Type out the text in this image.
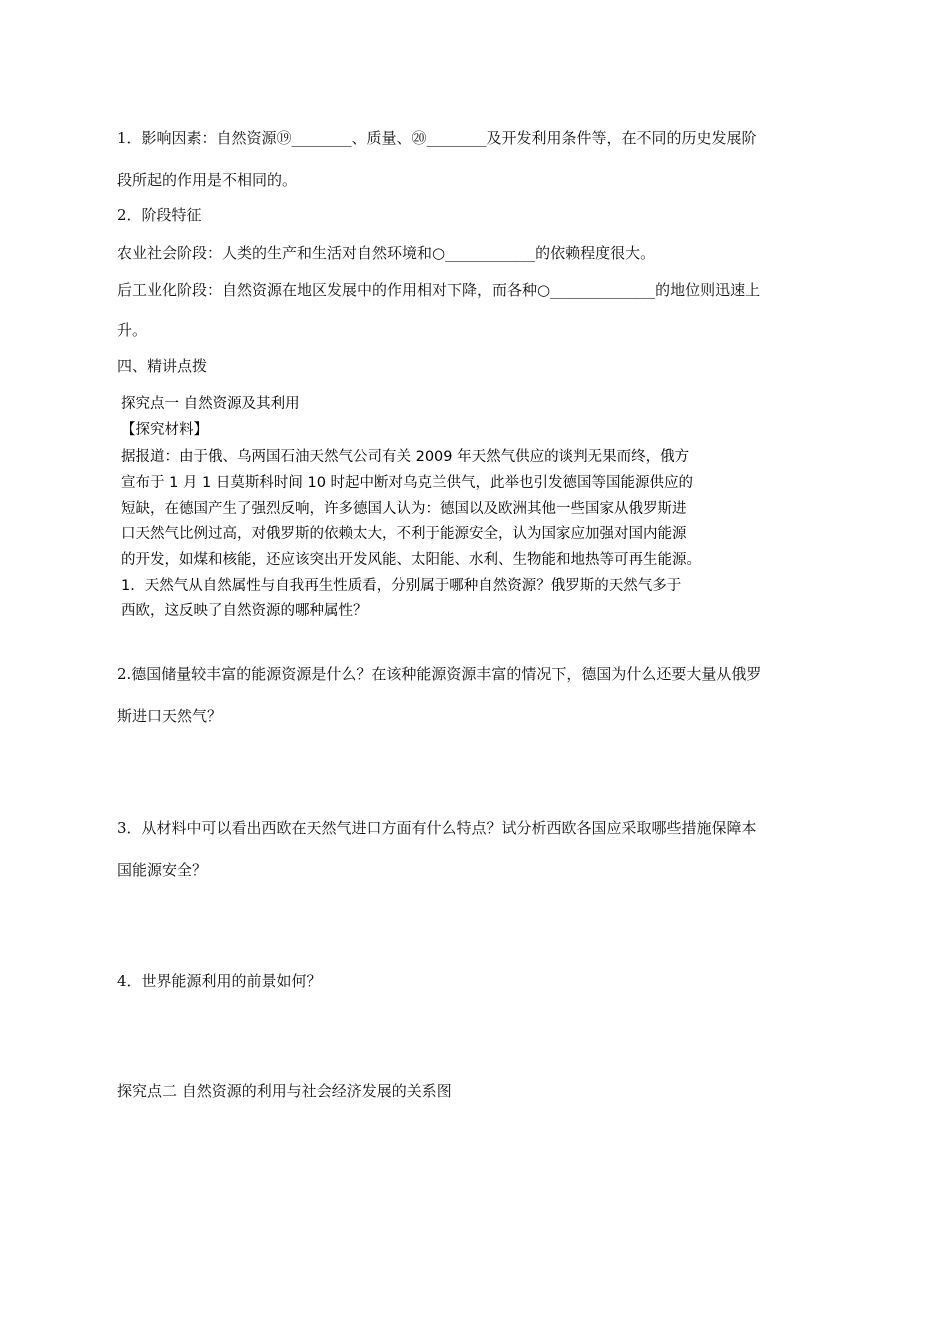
1．影响因素：自然资源⑲________、质量、⑳________及开发利用条件等，在不同的历史发展阶
段所起的作用是不相同的。
2．阶段特征
农业社会阶段：人类的生产和生活对自然环境和○____________的依赖程度很大。
后工业化阶段：自然资源在地区发展中的作用相对下降，而各种○______________的地位则迅速上
升。
四、精讲点拨
探究点一 自然资源及其利用
【探究材料】
据报道：由于俄、乌两国石油天然气公司有关 2009 年天然气供应的谈判无果而终，俄方
宣布于 1 月 1 日莫斯科时间 10 时起中断对乌克兰供气，此举也引发德国等国能源供应的
短缺，在德国产生了强烈反响，许多德国人认为：德国以及欧洲其他一些国家从俄罗斯进
口天然气比例过高，对俄罗斯的依赖太大，不利于能源安全，认为国家应加强对国内能源
的开发，如煤和核能，还应该突出开发风能、太阳能、水利、生物能和地热等可再生能源。
1．天然气从自然属性与自我再生性质看，分别属于哪种自然资源？俄罗斯的天然气多于
西欧，这反映了自然资源的哪种属性？
2.德国储量较丰富的能源资源是什么？在该种能源资源丰富的情况下，德国为什么还要大量从俄罗
斯进口天然气？
3．从材料中可以看出西欧在天然气进口方面有什么特点？试分析西欧各国应采取哪些措施保障本
国能源安全？
4．世界能源利用的前景如何？
探究点二 自然资源的利用与社会经济发展的关系图
